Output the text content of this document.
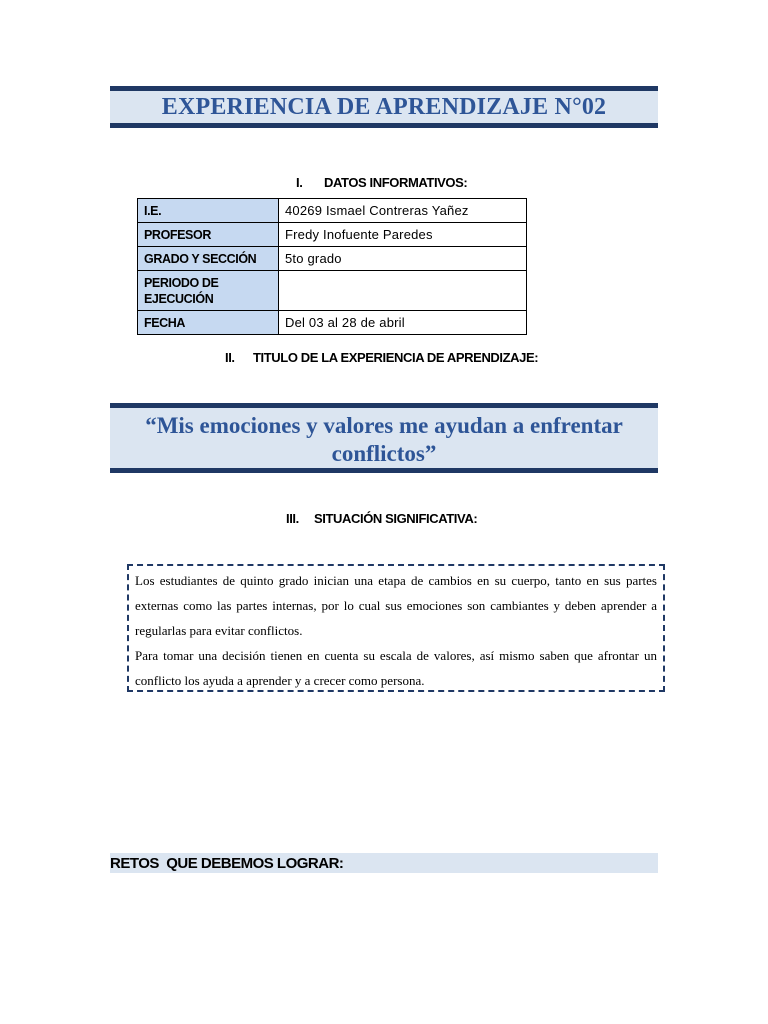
EXPERIENCIA DE APRENDIZAJE N°02
I. DATOS INFORMATIVOS:
I.E.	40269 Ismael Contreras Yañez
PROFESOR	Fredy Inofuente Paredes
GRADO Y SECCIÓN	5to grado
PERIODO DE EJECUCIÓN	
FECHA	Del 03 al 28 de abril
II. TITULO DE LA EXPERIENCIA DE APRENDIZAJE:
“Mis emociones y valores me ayudan a enfrentar conflictos”
III. SITUACIÓN SIGNIFICATIVA:

Los estudiantes de quinto grado inician una etapa de cambios en su cuerpo, tanto en sus partes externas como las partes internas, por lo cual sus emociones son cambiantes y deben aprender a regularlas para evitar conflictos.

Para tomar una decisión tienen en cuenta su escala de valores, así mismo saben que afrontar un conflicto los ayuda a aprender y a crecer como persona.

RETOS  QUE DEBEMOS LOGRAR:
